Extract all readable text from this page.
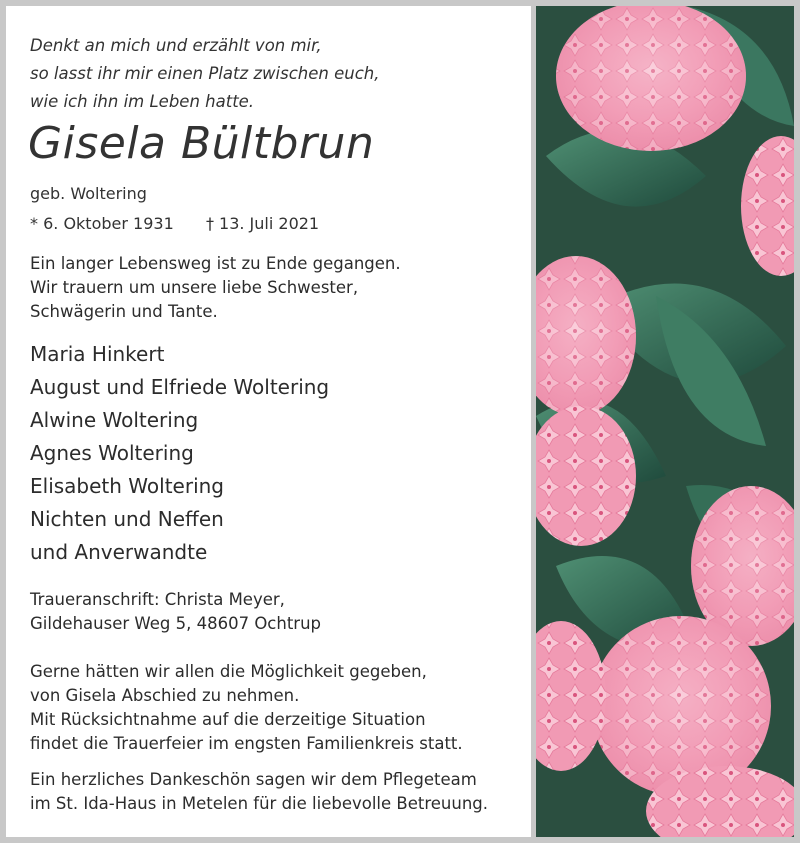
Denkt an mich und erzählt von mir,
so lasst ihr mir einen Platz zwischen euch,
wie ich ihn im Leben hatte.
Gisela Bültbrun
geb. Woltering
* 6. Oktober 1931 † 13. Juli 2021
Ein langer Lebensweg ist zu Ende gegangen.
Wir trauern um unsere liebe Schwester,
Schwägerin und Tante.
Maria Hinkert
August und Elfriede Woltering
Alwine Woltering
Agnes Woltering
Elisabeth Woltering
Nichten und Neffen
und Anverwandte
Traueranschrift: Christa Meyer,
Gildehauser Weg 5, 48607 Ochtrup
Gerne hätten wir allen die Möglichkeit gegeben,
von Gisela Abschied zu nehmen.
Mit Rücksichtnahme auf die derzeitige Situation
findet die Trauerfeier im engsten Familienkreis statt.
Ein herzliches Dankeschön sagen wir dem Pflegeteam
im St. Ida-Haus in Metelen für die liebevolle Betreuung.
